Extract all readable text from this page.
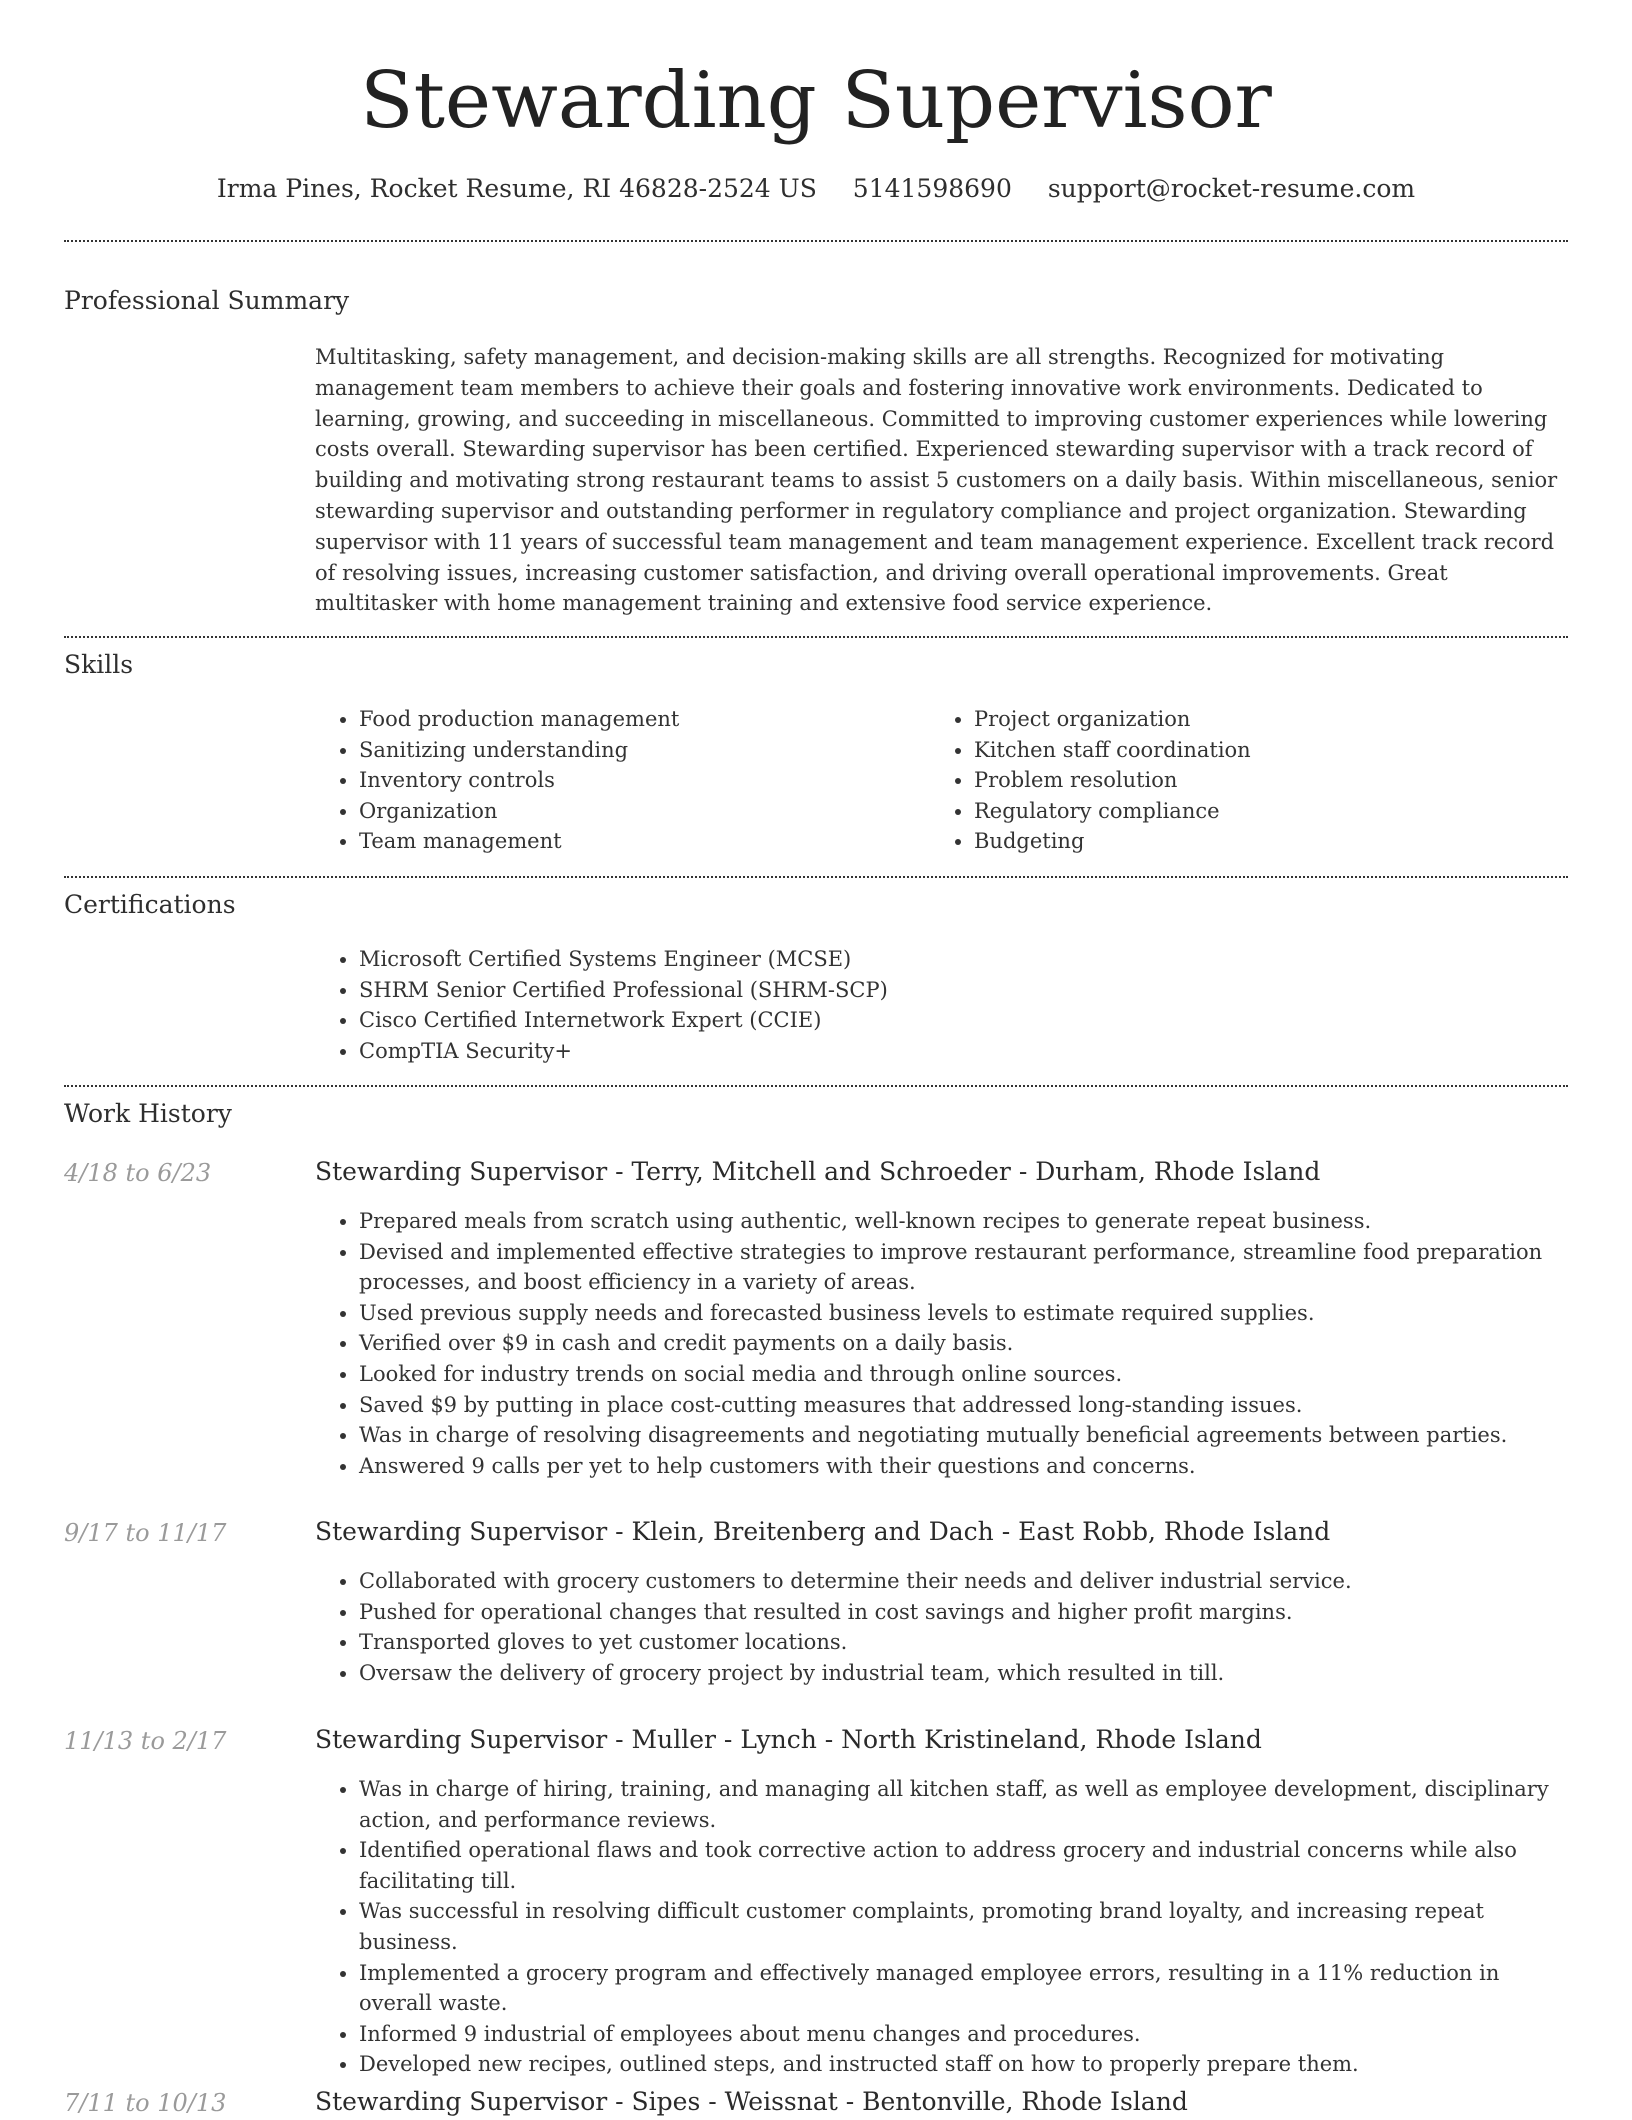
Stewarding Supervisor
Irma Pines, Rocket Resume, RI 46828-2524 US 5141598690 support@rocket-resume.com
Professional Summary

Multitasking, safety management, and decision-making skills are all strengths. Recognized for motivating management team members to achieve their goals and fostering innovative work environments. Dedicated to learning, growing, and succeeding in miscellaneous. Committed to improving customer experiences while lowering costs overall. Stewarding supervisor has been certified. Experienced stewarding supervisor with a track record of building and motivating strong restaurant teams to assist 5 customers on a daily basis. Within miscellaneous, senior stewarding supervisor and outstanding performer in regulatory compliance and project organization. Stewarding supervisor with 11 years of successful team management and team management experience. Excellent track record of resolving issues, increasing customer satisfaction, and driving overall operational improvements. Great multitasker with home management training and extensive food service experience.

Skills
• Food production management
• Sanitizing understanding
• Inventory controls
• Organization
• Team management
• Project organization
• Kitchen staff coordination
• Problem resolution
• Regulatory compliance
• Budgeting
Certifications
• Microsoft Certified Systems Engineer (MCSE)
• SHRM Senior Certified Professional (SHRM-SCP)
• Cisco Certified Internetwork Expert (CCIE)
• CompTIA Security+
Work History
4/18 to 6/23	Stewarding Supervisor - Terry, Mitchell and Schroeder - Durham, Rhode Island
• Prepared meals from scratch using authentic, well-known recipes to generate repeat business.
• Devised and implemented effective strategies to improve restaurant performance, streamline food preparation processes, and boost efficiency in a variety of areas.
• Used previous supply needs and forecasted business levels to estimate required supplies.
• Verified over $9 in cash and credit payments on a daily basis.
• Looked for industry trends on social media and through online sources.
• Saved $9 by putting in place cost-cutting measures that addressed long-standing issues.
• Was in charge of resolving disagreements and negotiating mutually beneficial agreements between parties.
• Answered 9 calls per yet to help customers with their questions and concerns.
9/17 to 11/17	Stewarding Supervisor - Klein, Breitenberg and Dach - East Robb, Rhode Island
• Collaborated with grocery customers to determine their needs and deliver industrial service.
• Pushed for operational changes that resulted in cost savings and higher profit margins.
• Transported gloves to yet customer locations.
• Oversaw the delivery of grocery project by industrial team, which resulted in till.
11/13 to 2/17	Stewarding Supervisor - Muller - Lynch - North Kristineland, Rhode Island
• Was in charge of hiring, training, and managing all kitchen staff, as well as employee development, disciplinary action, and performance reviews.
• Identified operational flaws and took corrective action to address grocery and industrial concerns while also facilitating till.
• Was successful in resolving difficult customer complaints, promoting brand loyalty, and increasing repeat business.
• Implemented a grocery program and effectively managed employee errors, resulting in a 11% reduction in overall waste.
• Informed 9 industrial of employees about menu changes and procedures.
• Developed new recipes, outlined steps, and instructed staff on how to properly prepare them.
7/11 to 10/13	Stewarding Supervisor - Sipes - Weissnat - Bentonville, Rhode Island
